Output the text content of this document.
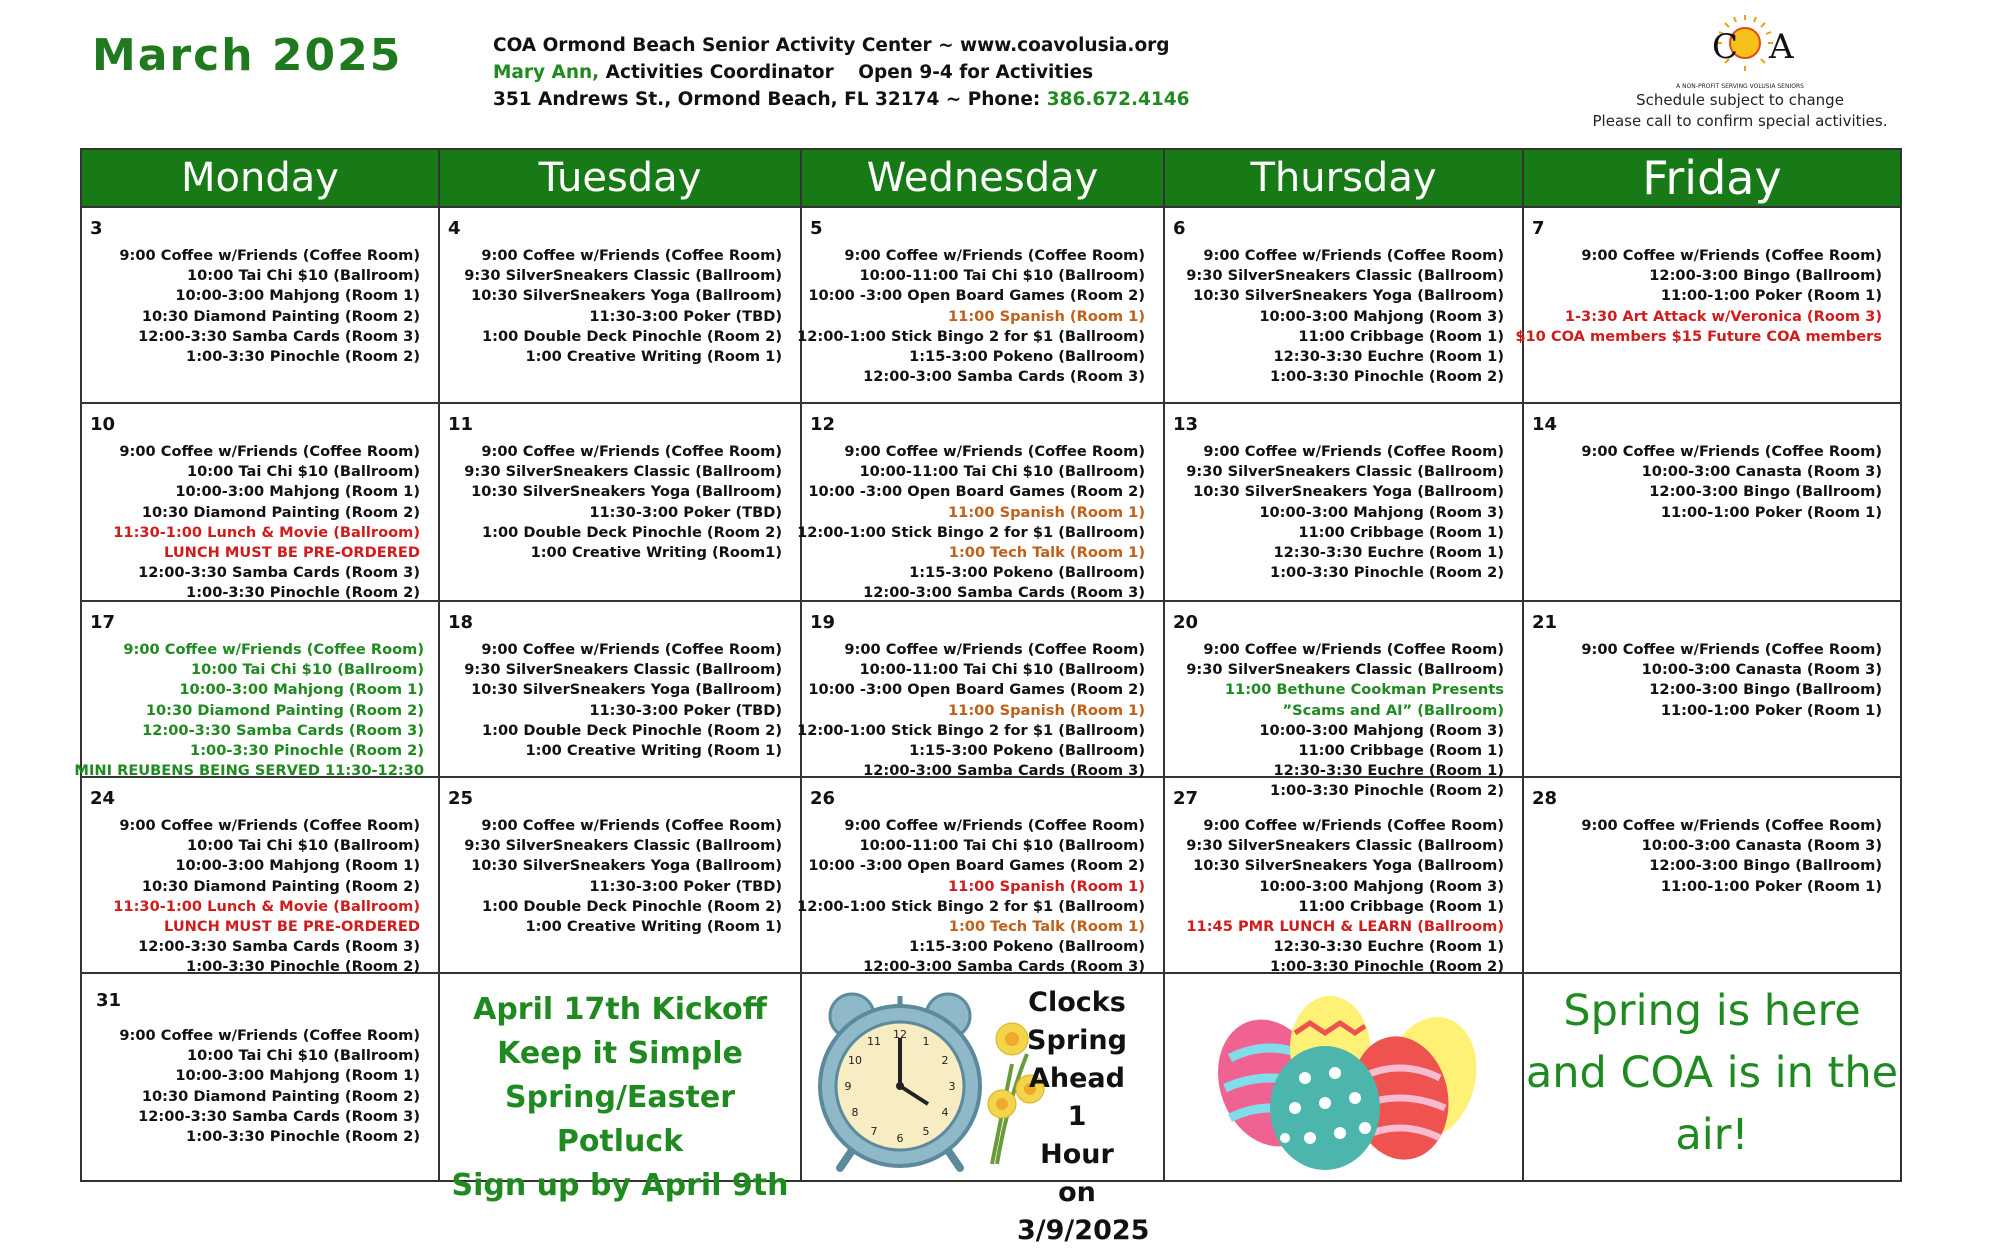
March 2025	COA Ormond Beach Senior Activity Center ~ www.coavolusia.org
Mary Ann, Activities Coordinator Open 9-4 for Activities
351 Andrews St., Ormond Beach, FL 32174 ~ Phone: 386.672.4146
C A
A NON-PROFIT SERVING VOLUSIA SENIORS
Schedule subject to change
Please call to confirm special activities.
Monday	Tuesday	Wednesday	Thursday	Friday
3
9:00 Coffee w/Friends (Coffee Room)
10:00 Tai Chi $10 (Ballroom)
10:00-3:00 Mahjong (Room 1)
10:30 Diamond Painting (Room 2)
12:00-3:30 Samba Cards (Room 3)
1:00-3:30 Pinochle (Room 2)
4
9:00 Coffee w/Friends (Coffee Room)
9:30 SilverSneakers Classic (Ballroom)
10:30 SilverSneakers Yoga (Ballroom)
11:30-3:00 Poker (TBD)
1:00 Double Deck Pinochle (Room 2)
1:00 Creative Writing (Room 1)
5
9:00 Coffee w/Friends (Coffee Room)
10:00-11:00 Tai Chi $10 (Ballroom)
10:00 -3:00 Open Board Games (Room 2)
11:00 Spanish (Room 1)
12:00-1:00 Stick Bingo 2 for $1 (Ballroom)
1:15-3:00 Pokeno (Ballroom)
12:00-3:00 Samba Cards (Room 3)
6
9:00 Coffee w/Friends (Coffee Room)
9:30 SilverSneakers Classic (Ballroom)
10:30 SilverSneakers Yoga (Ballroom)
10:00-3:00 Mahjong (Room 3)
11:00 Cribbage (Room 1)
12:30-3:30 Euchre (Room 1)
1:00-3:30 Pinochle (Room 2)
7
9:00 Coffee w/Friends (Coffee Room)
12:00-3:00 Bingo (Ballroom)
11:00-1:00 Poker (Room 1)
1-3:30 Art Attack w/Veronica (Room 3)
$10 COA members $15 Future COA members
10
9:00 Coffee w/Friends (Coffee Room)
10:00 Tai Chi $10 (Ballroom)
10:00-3:00 Mahjong (Room 1)
10:30 Diamond Painting (Room 2)
11:30-1:00 Lunch & Movie (Ballroom)
LUNCH MUST BE PRE-ORDERED
12:00-3:30 Samba Cards (Room 3)
1:00-3:30 Pinochle (Room 2)
11
9:00 Coffee w/Friends (Coffee Room)
9:30 SilverSneakers Classic (Ballroom)
10:30 SilverSneakers Yoga (Ballroom)
11:30-3:00 Poker (TBD)
1:00 Double Deck Pinochle (Room 2)
1:00 Creative Writing (Room1)
12
9:00 Coffee w/Friends (Coffee Room)
10:00-11:00 Tai Chi $10 (Ballroom)
10:00 -3:00 Open Board Games (Room 2)
11:00 Spanish (Room 1)
12:00-1:00 Stick Bingo 2 for $1 (Ballroom)
1:00 Tech Talk (Room 1)
1:15-3:00 Pokeno (Ballroom)
12:00-3:00 Samba Cards (Room 3)
13
9:00 Coffee w/Friends (Coffee Room)
9:30 SilverSneakers Classic (Ballroom)
10:30 SilverSneakers Yoga (Ballroom)
10:00-3:00 Mahjong (Room 3)
11:00 Cribbage (Room 1)
12:30-3:30 Euchre (Room 1)
1:00-3:30 Pinochle (Room 2)
14
9:00 Coffee w/Friends (Coffee Room)
10:00-3:00 Canasta (Room 3)
12:00-3:00 Bingo (Ballroom)
11:00-1:00 Poker (Room 1)
17
9:00 Coffee w/Friends (Coffee Room)
10:00 Tai Chi $10 (Ballroom)
10:00-3:00 Mahjong (Room 1)
10:30 Diamond Painting (Room 2)
12:00-3:30 Samba Cards (Room 3)
1:00-3:30 Pinochle (Room 2)
MINI REUBENS BEING SERVED 11:30-12:30
18
9:00 Coffee w/Friends (Coffee Room)
9:30 SilverSneakers Classic (Ballroom)
10:30 SilverSneakers Yoga (Ballroom)
11:30-3:00 Poker (TBD)
1:00 Double Deck Pinochle (Room 2)
1:00 Creative Writing (Room 1)
19
9:00 Coffee w/Friends (Coffee Room)
10:00-11:00 Tai Chi $10 (Ballroom)
10:00 -3:00 Open Board Games (Room 2)
11:00 Spanish (Room 1)
12:00-1:00 Stick Bingo 2 for $1 (Ballroom)
1:15-3:00 Pokeno (Ballroom)
12:00-3:00 Samba Cards (Room 3)
20
9:00 Coffee w/Friends (Coffee Room)
9:30 SilverSneakers Classic (Ballroom)
11:00 Bethune Cookman Presents
”Scams and AI” (Ballroom)
10:00-3:00 Mahjong (Room 3)
11:00 Cribbage (Room 1)
12:30-3:30 Euchre (Room 1)
1:00-3:30 Pinochle (Room 2)
21
9:00 Coffee w/Friends (Coffee Room)
10:00-3:00 Canasta (Room 3)
12:00-3:00 Bingo (Ballroom)
11:00-1:00 Poker (Room 1)
24
9:00 Coffee w/Friends (Coffee Room)
10:00 Tai Chi $10 (Ballroom)
10:00-3:00 Mahjong (Room 1)
10:30 Diamond Painting (Room 2)
11:30-1:00 Lunch & Movie (Ballroom)
LUNCH MUST BE PRE-ORDERED
12:00-3:30 Samba Cards (Room 3)
1:00-3:30 Pinochle (Room 2)
25
9:00 Coffee w/Friends (Coffee Room)
9:30 SilverSneakers Classic (Ballroom)
10:30 SilverSneakers Yoga (Ballroom)
11:30-3:00 Poker (TBD)
1:00 Double Deck Pinochle (Room 2)
1:00 Creative Writing (Room 1)
26
9:00 Coffee w/Friends (Coffee Room)
10:00-11:00 Tai Chi $10 (Ballroom)
10:00 -3:00 Open Board Games (Room 2)
11:00 Spanish (Room 1)
12:00-1:00 Stick Bingo 2 for $1 (Ballroom)
1:00 Tech Talk (Room 1)
1:15-3:00 Pokeno (Ballroom)
12:00-3:00 Samba Cards (Room 3)
27
9:00 Coffee w/Friends (Coffee Room)
9:30 SilverSneakers Classic (Ballroom)
10:30 SilverSneakers Yoga (Ballroom)
10:00-3:00 Mahjong (Room 3)
11:00 Cribbage (Room 1)
11:45 PMR LUNCH & LEARN (Ballroom)
12:30-3:30 Euchre (Room 1)
1:00-3:30 Pinochle (Room 2)
28
9:00 Coffee w/Friends (Coffee Room)
10:00-3:00 Canasta (Room 3)
12:00-3:00 Bingo (Ballroom)
11:00-1:00 Poker (Room 1)
31
9:00 Coffee w/Friends (Coffee Room)
10:00 Tai Chi $10 (Ballroom)
10:00-3:00 Mahjong (Room 1)
10:30 Diamond Painting (Room 2)
12:00-3:30 Samba Cards (Room 3)
1:00-3:30 Pinochle (Room 2)
April 17th Kickoff
Keep it Simple
Spring/Easter Potluck
Sign up by April 9th
12
1
2
3
4
5
6
7
8
9
10
11
Clocks
Spring
Ahead 1
Hour on
3/9/2025
Spring is here
and COA is in the
air!
